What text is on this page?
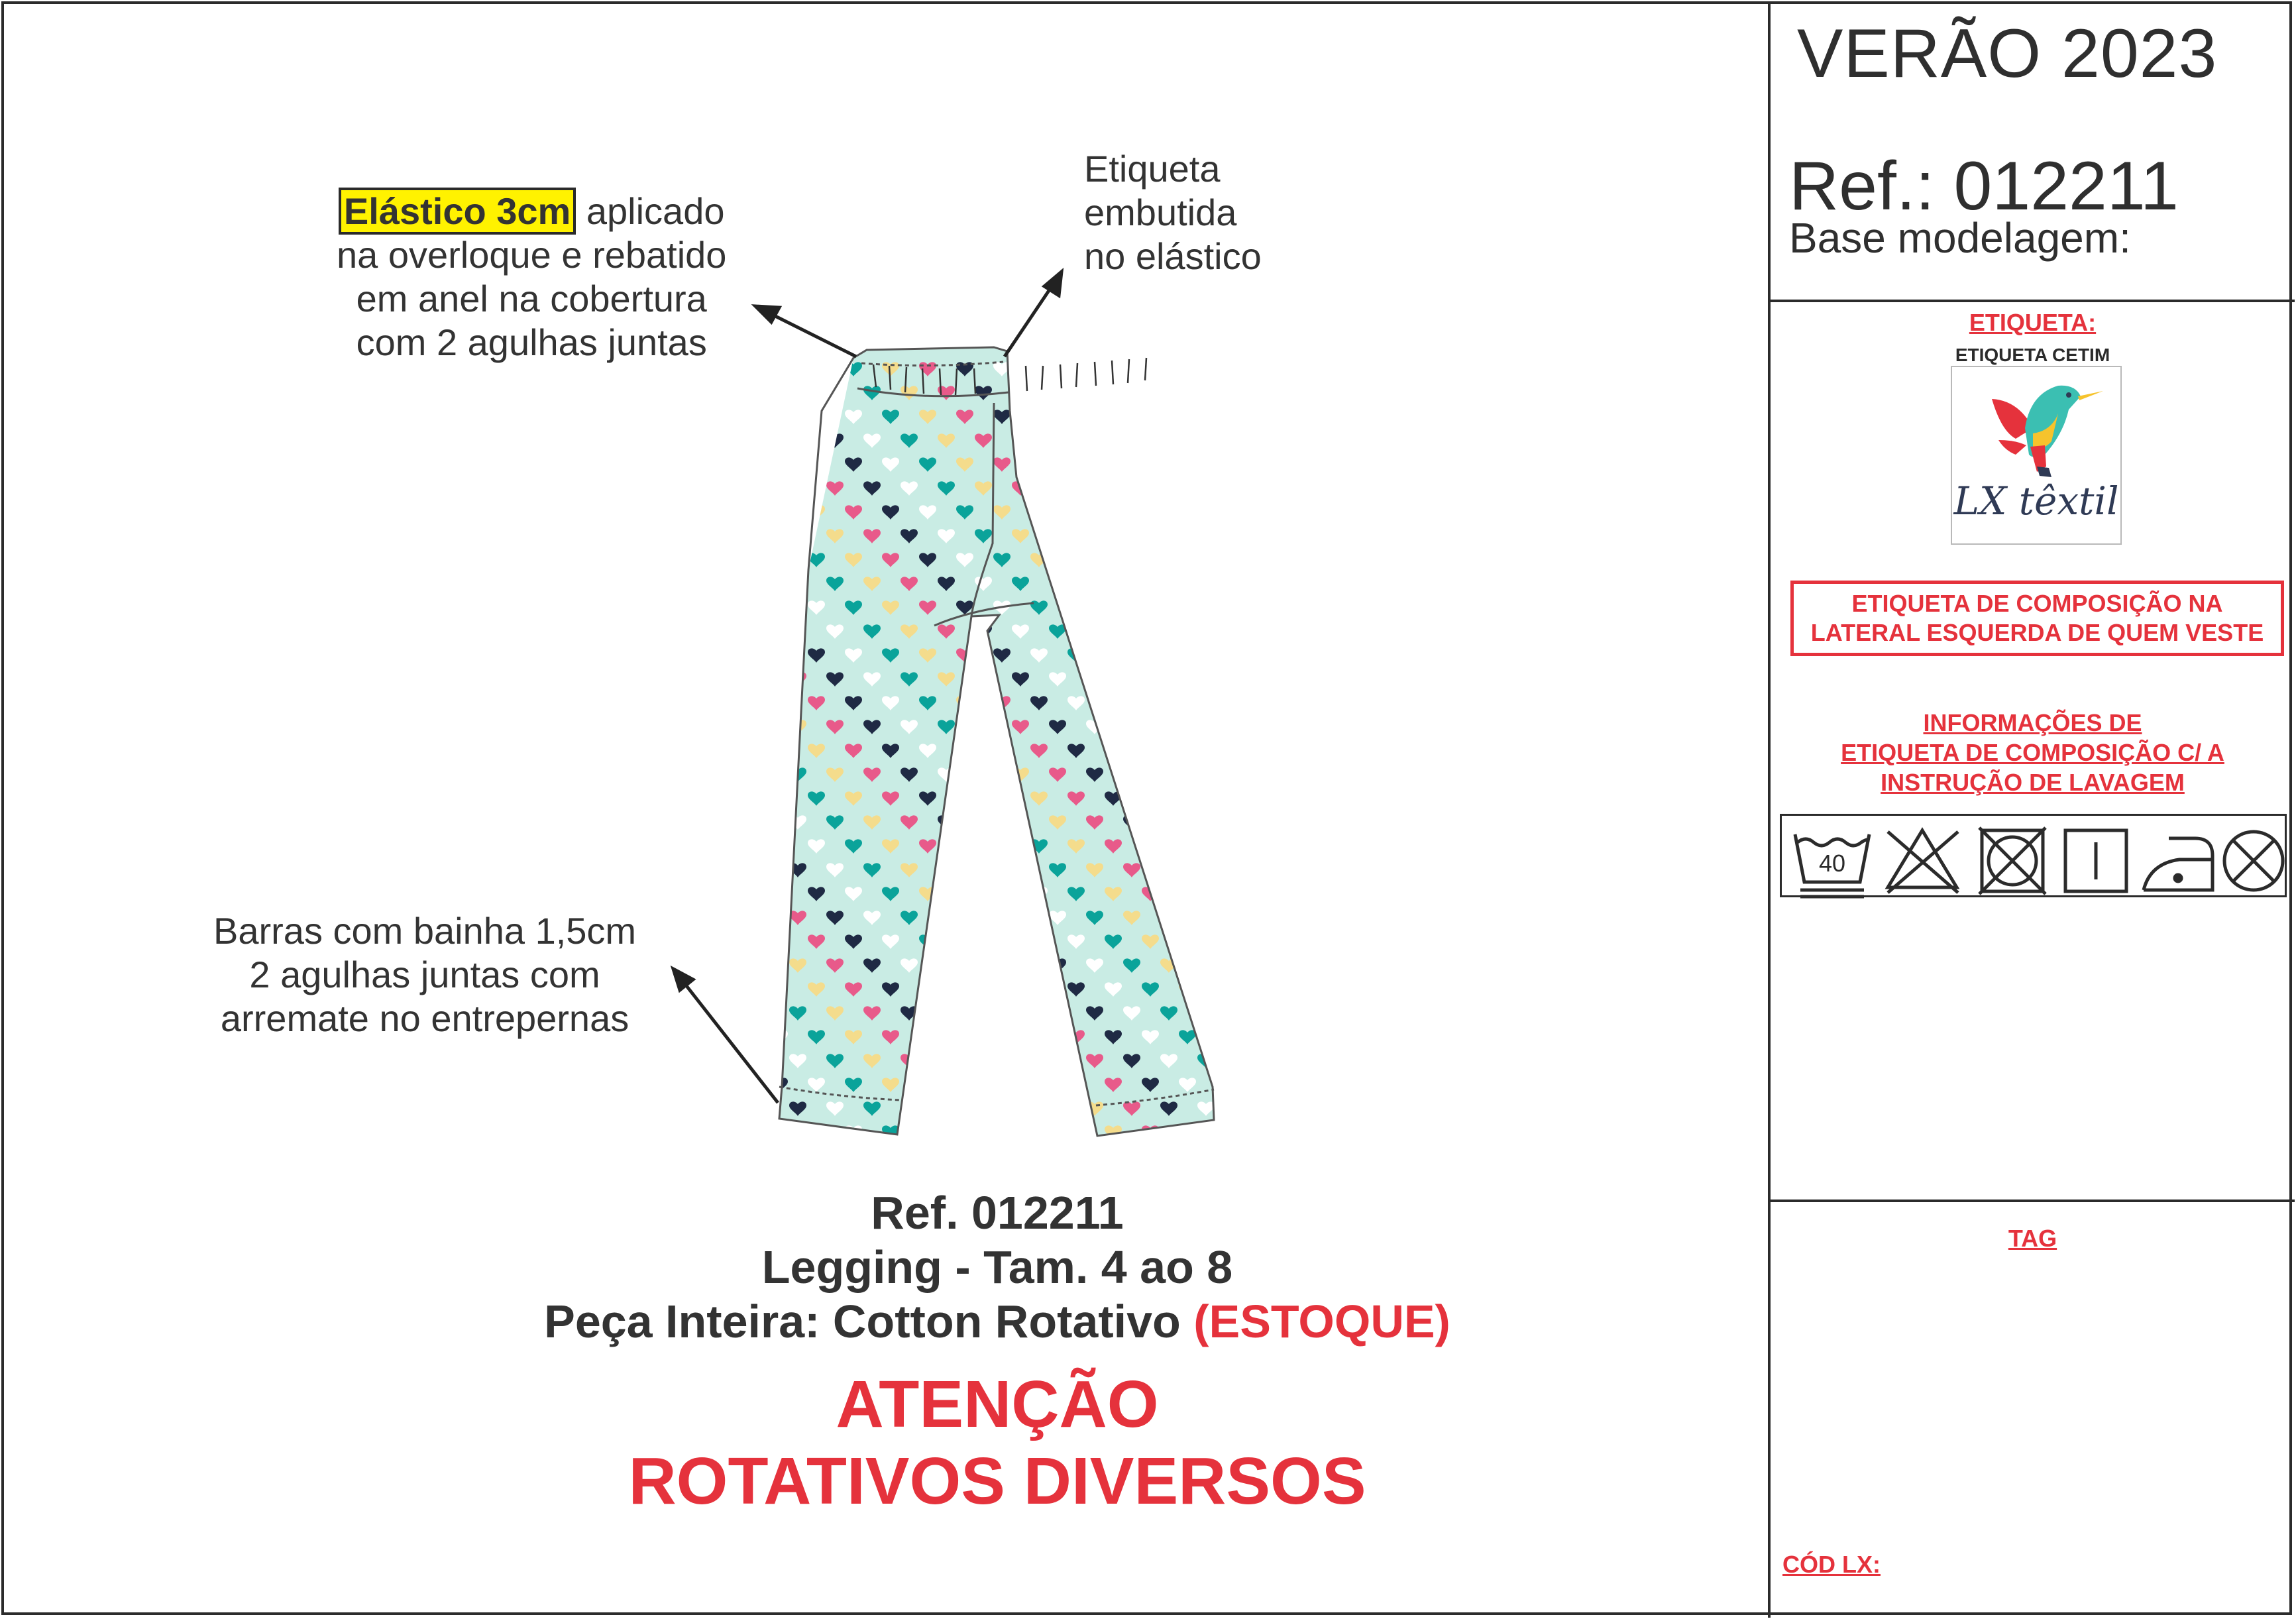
VERÃO 2023
Ref.: 012211
Base modelagem:
ETIQUETA:
ETIQUETA CETIM
LX têxtil
ETIQUETA DE COMPOSIÇÃO NA
LATERAL ESQUERDA DE QUEM VESTE
INFORMAÇÕES DE
ETIQUETA DE COMPOSIÇÃO C/ A
INSTRUÇÃO DE LAVAGEM
40
TAG
CÓD LX:
Elástico 3cm aplicado
na overloque e rebatido
em anel na cobertura
com 2 agulhas juntas
Etiqueta
embutida
no elástico
Barras com bainha 1,5cm
2 agulhas juntas com
arremate no entrepernas
Ref. 012211
Legging - Tam. 4 ao 8
Peça Inteira: Cotton Rotativo (ESTOQUE)
ATENÇÃO
ROTATIVOS DIVERSOS
